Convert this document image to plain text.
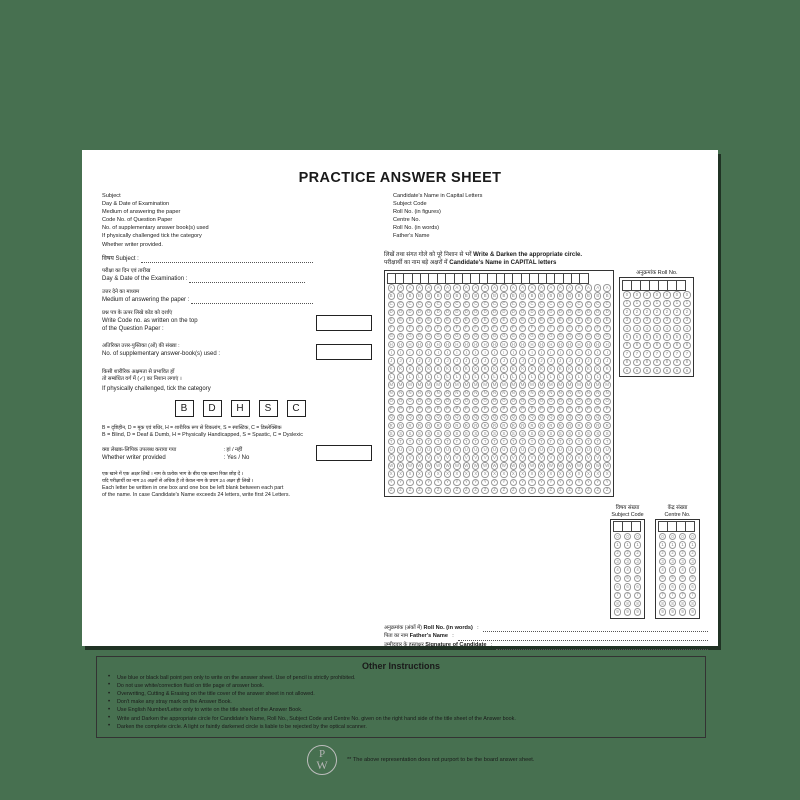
PRACTICE ANSWER SHEET
Subject
Day & Date of Examination
Medium of answering the paper
Code No. of Question Paper
No. of supplementary answer book(s) used
If physically challenged tick the category
Whether writer provided.
Candidate's Name in Capital Letters
Subject Code
Roll No. (in figures)
Centre No.
Roll No. (in words)
Father's Name
विषय Subject :
परीक्षा का दिन एवं तारीख
Day & Date of the Examination :
उत्तर देने का माध्यम
Medium of answering the paper :
प्रश्न पत्र के ऊपर लिखे कोड को दर्शाएं
Write Code no. as written on the top
of the Question Paper :
अतिरिक्त उत्तर-पुस्तिका (ओं) की संख्या :
No. of supplementary answer-book(s) used :
किसी शारीरिक अक्षमता से प्रभावित हों
तो सम्बंधित वर्ग में (✓) का निशान लगाएं ।
If physically challenged, tick the category
B	D	H	S	C
B = दृष्टिहीन, D = मूक एवं बधिर, H = शारीरिक रूप से विकलांग, S = स्पास्टिक, C = डिस्लेक्सिक
B = Blind, D = Deaf & Dumb, H = Physically Handicapped, S = Spastic, C = Dyslexic
क्या लेखक-लिपिक उपलब्ध कराया गया	: हां / नहीं
Whether writer provided	: Yes / No
एक खाने में एक अक्षर लिखें । नाम के प्रत्येक भाग के बीच एक खाना रिक्त छोड़ दें ।
यदि परीक्षार्थी का नाम 24 अक्षरों से अधिक है तो केवल नाम के प्रथम 24 अक्षर ही लिखें ।
Each letter be written in one box and one box be left blank between each part
of the name. In case Candidate's Name exceeds 24 letters, write first 24 Letters.
लिखें तथा संगत गोले को पूरे निशान से भरें Write & Darken the appropriate circle.
परीक्षार्थी का नाम बड़े अक्षरों में Candidate's Name in CAPITAL letters
A	A	A	A	A	A	A	A	A	A	A	A	A	A	A	A	A	A	A	A	A	A	A	A
B	B	B	B	B	B	B	B	B	B	B	B	B	B	B	B	B	B	B	B	B	B	B	B
C	C	C	C	C	C	C	C	C	C	C	C	C	C	C	C	C	C	C	C	C	C	C	C
D	D	D	D	D	D	D	D	D	D	D	D	D	D	D	D	D	D	D	D	D	D	D	D
E	E	E	E	E	E	E	E	E	E	E	E	E	E	E	E	E	E	E	E	E	E	E	E
F	F	F	F	F	F	F	F	F	F	F	F	F	F	F	F	F	F	F	F	F	F	F	F
G	G	G	G	G	G	G	G	G	G	G	G	G	G	G	G	G	G	G	G	G	G	G	G
H	H	H	H	H	H	H	H	H	H	H	H	H	H	H	H	H	H	H	H	H	H	H	H
I	I	I	I	I	I	I	I	I	I	I	I	I	I	I	I	I	I	I	I	I	I	I	I
J	J	J	J	J	J	J	J	J	J	J	J	J	J	J	J	J	J	J	J	J	J	J	J
K	K	K	K	K	K	K	K	K	K	K	K	K	K	K	K	K	K	K	K	K	K	K	K
L	L	L	L	L	L	L	L	L	L	L	L	L	L	L	L	L	L	L	L	L	L	L	L
M	M	M	M	M	M	M	M	M	M	M	M	M	M	M	M	M	M	M	M	M	M	M	M
N	N	N	N	N	N	N	N	N	N	N	N	N	N	N	N	N	N	N	N	N	N	N	N
O	O	O	O	O	O	O	O	O	O	O	O	O	O	O	O	O	O	O	O	O	O	O	O
P	P	P	P	P	P	P	P	P	P	P	P	P	P	P	P	P	P	P	P	P	P	P	P
Q	Q	Q	Q	Q	Q	Q	Q	Q	Q	Q	Q	Q	Q	Q	Q	Q	Q	Q	Q	Q	Q	Q	Q
R	R	R	R	R	R	R	R	R	R	R	R	R	R	R	R	R	R	R	R	R	R	R	R
S	S	S	S	S	S	S	S	S	S	S	S	S	S	S	S	S	S	S	S	S	S	S	S
T	T	T	T	T	T	T	T	T	T	T	T	T	T	T	T	T	T	T	T	T	T	T	T
U	U	U	U	U	U	U	U	U	U	U	U	U	U	U	U	U	U	U	U	U	U	U	U
V	V	V	V	V	V	V	V	V	V	V	V	V	V	V	V	V	V	V	V	V	V	V	V
W	W	W	W	W	W	W	W	W	W	W	W	W	W	W	W	W	W	W	W	W	W	W	W
X	X	X	X	X	X	X	X	X	X	X	X	X	X	X	X	X	X	X	X	X	X	X	X
Y	Y	Y	Y	Y	Y	Y	Y	Y	Y	Y	Y	Y	Y	Y	Y	Y	Y	Y	Y	Y	Y	Y	Y
Z	Z	Z	Z	Z	Z	Z	Z	Z	Z	Z	Z	Z	Z	Z	Z	Z	Z	Z	Z	Z	Z	Z	Z
अनुक्रमांक Roll No.
0	0	0	0	0	0	0
1	1	1	1	1	1	1
2	2	2	2	2	2	2
3	3	3	3	3	3	3
4	4	4	4	4	4	4
5	5	5	5	5	5	5
6	6	6	6	6	6	6
7	7	7	7	7	7	7
8	8	8	8	8	8	8
9	9	9	9	9	9	9
विषय संख्या
Subject Code
0	0	0
1	1	1
2	2	2
3	3	3
4	4	4
5	5	5
6	6	6
7	7	7
8	8	8
9	9	9
केंद्र संख्या
Centre No.
0	0	0	0
1	1	1	1
2	2	2	2
3	3	3	3
4	4	4	4
5	5	5	5
6	6	6	6
7	7	7	7
8	8	8	8
9	9	9	9
अनुक्रमांक (अंकों में)
Roll No. (in words) :
पिता का नाम
Father's Name :
उम्मीदवार के हस्ताक्षर
Signature of Candidate :
Other Instructions
• Use blue or black ball point pen only to write on the answer sheet. Use of pencil is strictly prohibited.
• Do not use white/correction fluid on title page of answer book.
• Overwriting, Cutting & Erasing on the title cover of the answer sheet in not allowed.
• Don't make any stray mark on the Answer Book.
• Use English Number/Letter only to write on the title sheet of the Answer Book.
• Write and Darken the appropriate circle for Candidate's Name, Roll No., Subject Code and Centre No. given on the right hand side of the title sheet of the Answer book.
• Darken the complete circle. A light or faintly darkened circle is liable to be rejected by the optical scanner.
P
W	** The above representation does not purport to be the board answer sheet.
